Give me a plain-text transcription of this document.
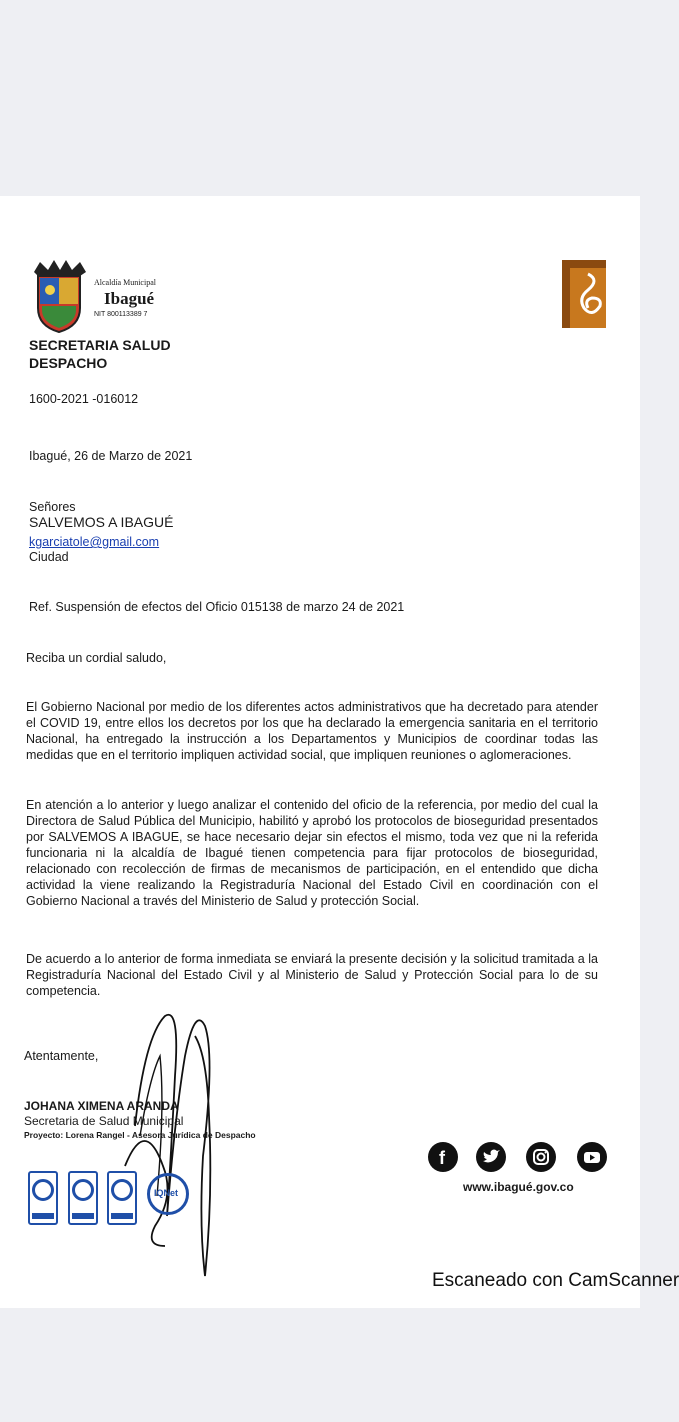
Alcaldía Municipal
Ibagué
NIT 800113389 7
SECRETARIA SALUD
DESPACHO
1600-2021 -016012
Ibagué, 26 de Marzo de 2021
Señores
SALVEMOS A IBAGUÉ
kgarciatole@gmail.com
Ciudad
Ref. Suspensión de efectos del Oficio 015138 de marzo 24 de 2021
Reciba un cordial saludo,
El Gobierno Nacional por medio de los diferentes actos administrativos que ha decretado para atender el COVID 19, entre ellos los decretos por los que ha declarado la emergencia sanitaria en el territorio Nacional, ha entregado la instrucción a los Departamentos y Municipios de coordinar todas las medidas que en el territorio impliquen actividad social, que impliquen reuniones o aglomeraciones.
En atención a lo anterior y luego analizar el contenido del oficio de la referencia, por medio del cual la Directora de Salud Pública del Municipio, habilitó y aprobó los protocolos de bioseguridad presentados por SALVEMOS A IBAGUE, se hace necesario dejar sin efectos el mismo, toda vez que ni la referida funcionaria ni la alcaldía de Ibagué tienen competencia para fijar protocolos de bioseguridad, relacionado con recolección de firmas de mecanismos de participación, en el entendido que dicha actividad la viene realizando la Registraduría Nacional del Estado Civil en coordinación con el Gobierno Nacional a través del Ministerio de Salud y protección Social.
De acuerdo a lo anterior de forma inmediata se enviará la presente decisión y la solicitud tramitada a la Registraduría Nacional del Estado Civil y al Ministerio de Salud y Protección Social para lo de su competencia.
Atentamente,
JOHANA XIMENA ARANDA
Secretaria de Salud Municipal
Proyecto: Lorena Rangel - Asesora Jurídica de Despacho
f
www.ibagué.gov.co
IQNet
Escaneado con CamScanner
